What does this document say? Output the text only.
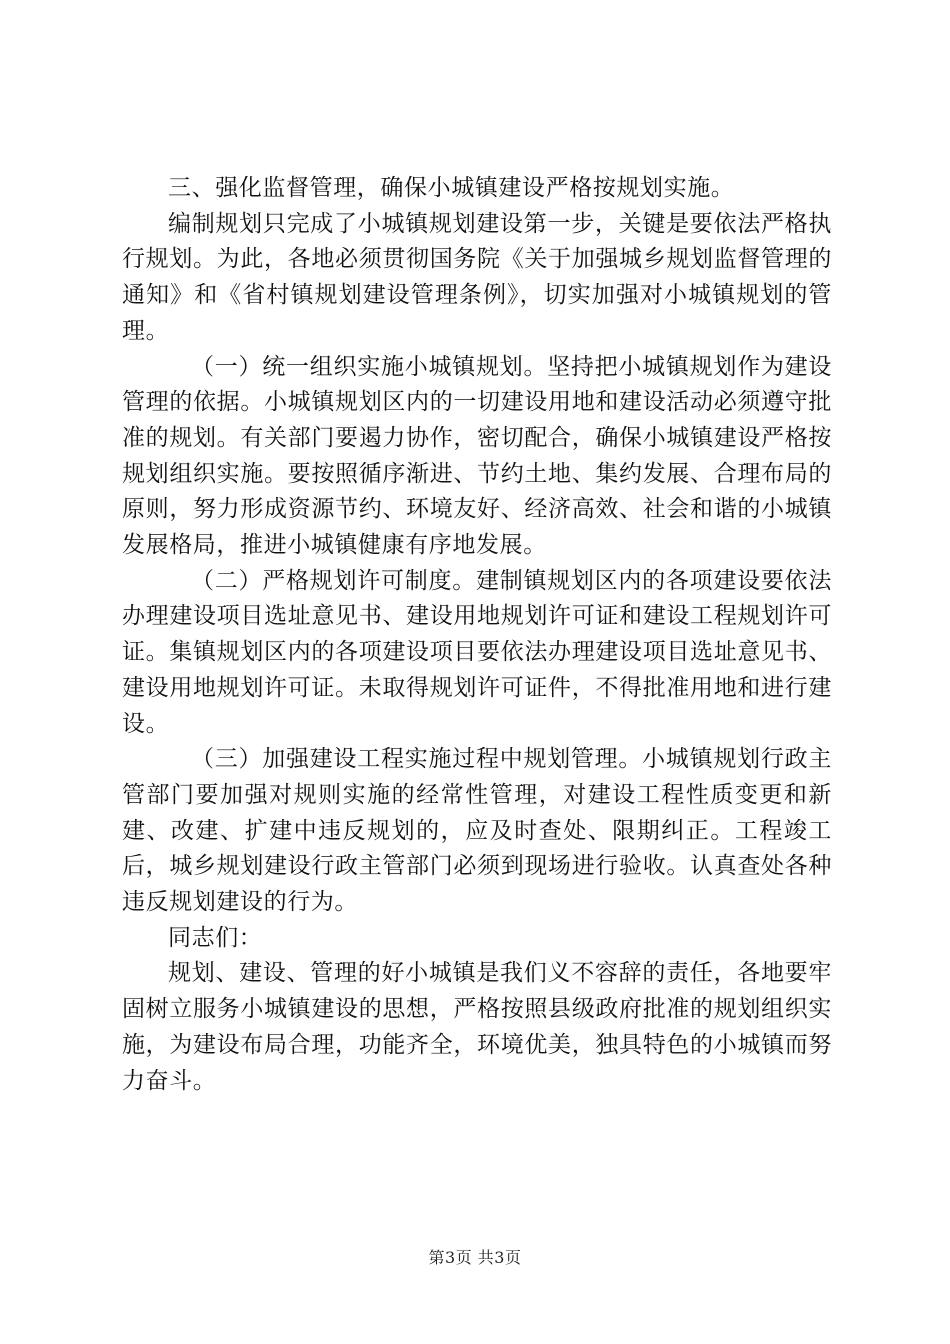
三、强化监督管理，确保小城镇建设严格按规划实施。

编制规划只完成了小城镇规划建设第一步，关键是要依法严格执行规划。为此，各地必须贯彻国务院《关于加强城乡规划监督管理的通知》和《省村镇规划建设管理条例》，切实加强对小城镇规划的管理。

（一）统一组织实施小城镇规划。坚持把小城镇规划作为建设管理的依据。小城镇规划区内的一切建设用地和建设活动必须遵守批准的规划。有关部门要遏力协作，密切配合，确保小城镇建设严格按规划组织实施。要按照循序渐进、节约土地、集约发展、合理布局的原则，努力形成资源节约、环境友好、经济高效、社会和谐的小城镇发展格局，推进小城镇健康有序地发展。

（二）严格规划许可制度。建制镇规划区内的各项建设要依法办理建设项目选址意见书、建设用地规划许可证和建设工程规划许可证。集镇规划区内的各项建设项目要依法办理建设项目选址意见书、建设用地规划许可证。未取得规划许可证件，不得批准用地和进行建设。

（三）加强建设工程实施过程中规划管理。小城镇规划行政主管部门要加强对规则实施的经常性管理，对建设工程性质变更和新建、改建、扩建中违反规划的，应及时查处、限期纠正。工程竣工后，城乡规划建设行政主管部门必须到现场进行验收。认真查处各种违反规划建设的行为。

同志们：

规划、建设、管理的好小城镇是我们义不容辞的责任，各地要牢固树立服务小城镇建设的思想，严格按照县级政府批准的规划组织实施，为建设布局合理，功能齐全，环境优美，独具特色的小城镇而努力奋斗。

第3页 共3页
